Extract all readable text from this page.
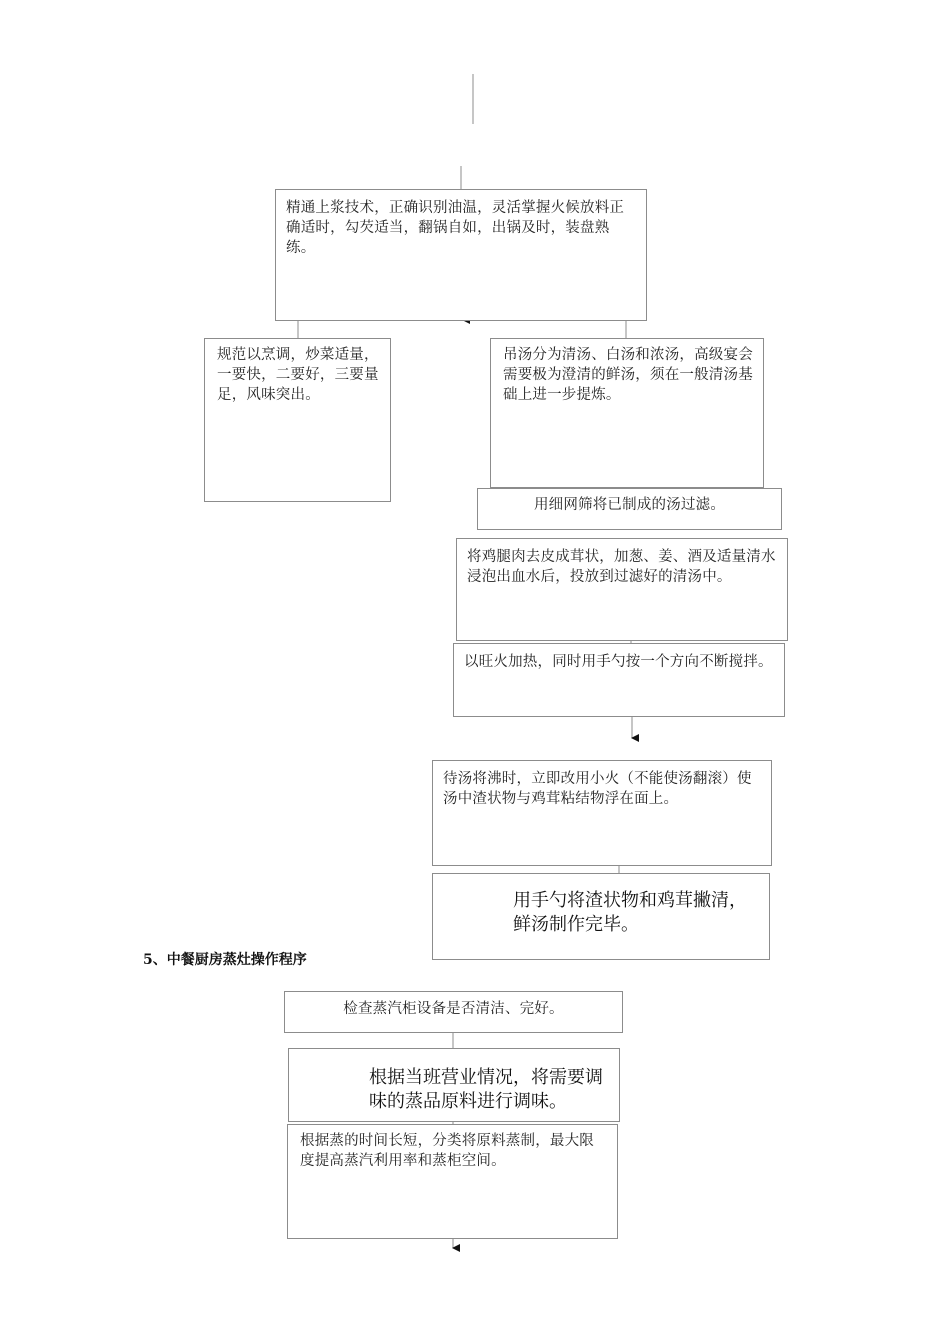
精通上浆技术，正确识别油温，灵活掌握火候放料正确适时，勾芡适当，翻锅自如，出锅及时，装盘熟练。
规范以烹调，炒菜适量，一要快，二要好，三要量足，风味突出。
吊汤分为清汤、白汤和浓汤，高级宴会需要极为澄清的鲜汤，须在一般清汤基础上进一步提炼。
用细网筛将已制成的汤过滤。
将鸡腿肉去皮成茸状，加葱、姜、酒及适量清水浸泡出血水后，投放到过滤好的清汤中。
以旺火加热，同时用手勺按一个方向不断搅拌。
待汤将沸时，立即改用小火（不能使汤翻滚）使汤中渣状物与鸡茸粘结物浮在面上。
用手勺将渣状物和鸡茸撇清，鲜汤制作完毕。
5、中餐厨房蒸灶操作程序
检查蒸汽柜设备是否清洁、完好。
根据当班营业情况，将需要调味的蒸品原料进行调味。
根据蒸的时间长短，分类将原料蒸制，最大限度提高蒸汽利用率和蒸柜空间。
